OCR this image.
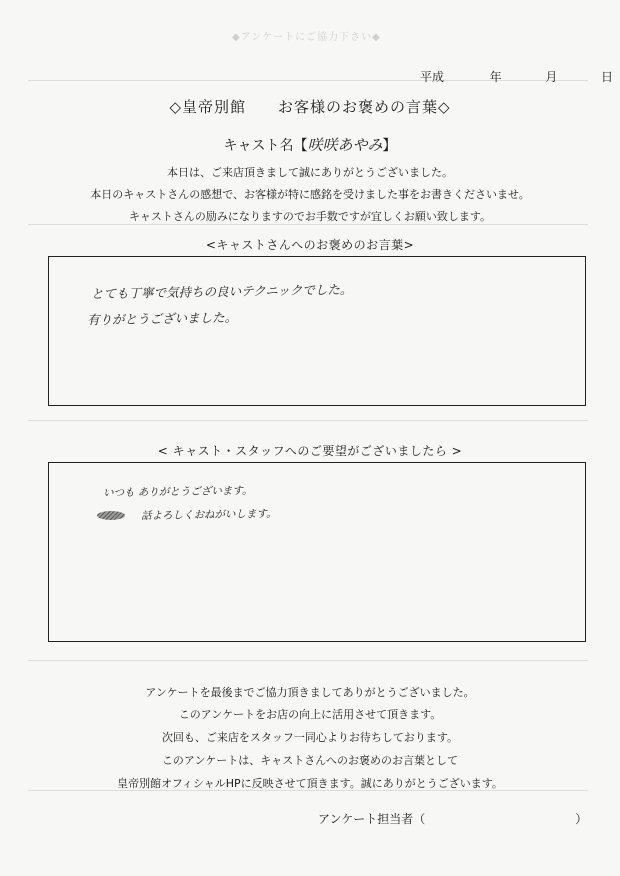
◆アンケートにご協力下さい◆
平成	年	月	日
◇皇帝別館　　お客様のお褒めの言葉◇
キャスト名【咲咲あやみ】
本日は、ご来店頂きまして誠にありがとうございました。
本日のキャストさんの感想で、お客様が特に感銘を受けました事をお書きくださいませ。
キャストさんの励みになりますのでお手数ですが宜しくお願い致します。
<キャストさんへのお褒めのお言葉>
とても丁寧で気持ちの良いテクニックでした。
有りがとうございました。
< キャスト・スタッフへのご要望がございましたら >
いつも ありがとうございます。
話よろしくおねがいします。
アンケートを最後までご協力頂きましてありがとうございました。
このアンケートをお店の向上に活用させて頂きます。
次回も、ご来店をスタッフ一同心よりお待ちしております。
このアンケートは、キャストさんへのお褒めのお言葉として
皇帝別館オフィシャルHPに反映させて頂きます。誠にありがとうございます。
アンケート担当者（	）
